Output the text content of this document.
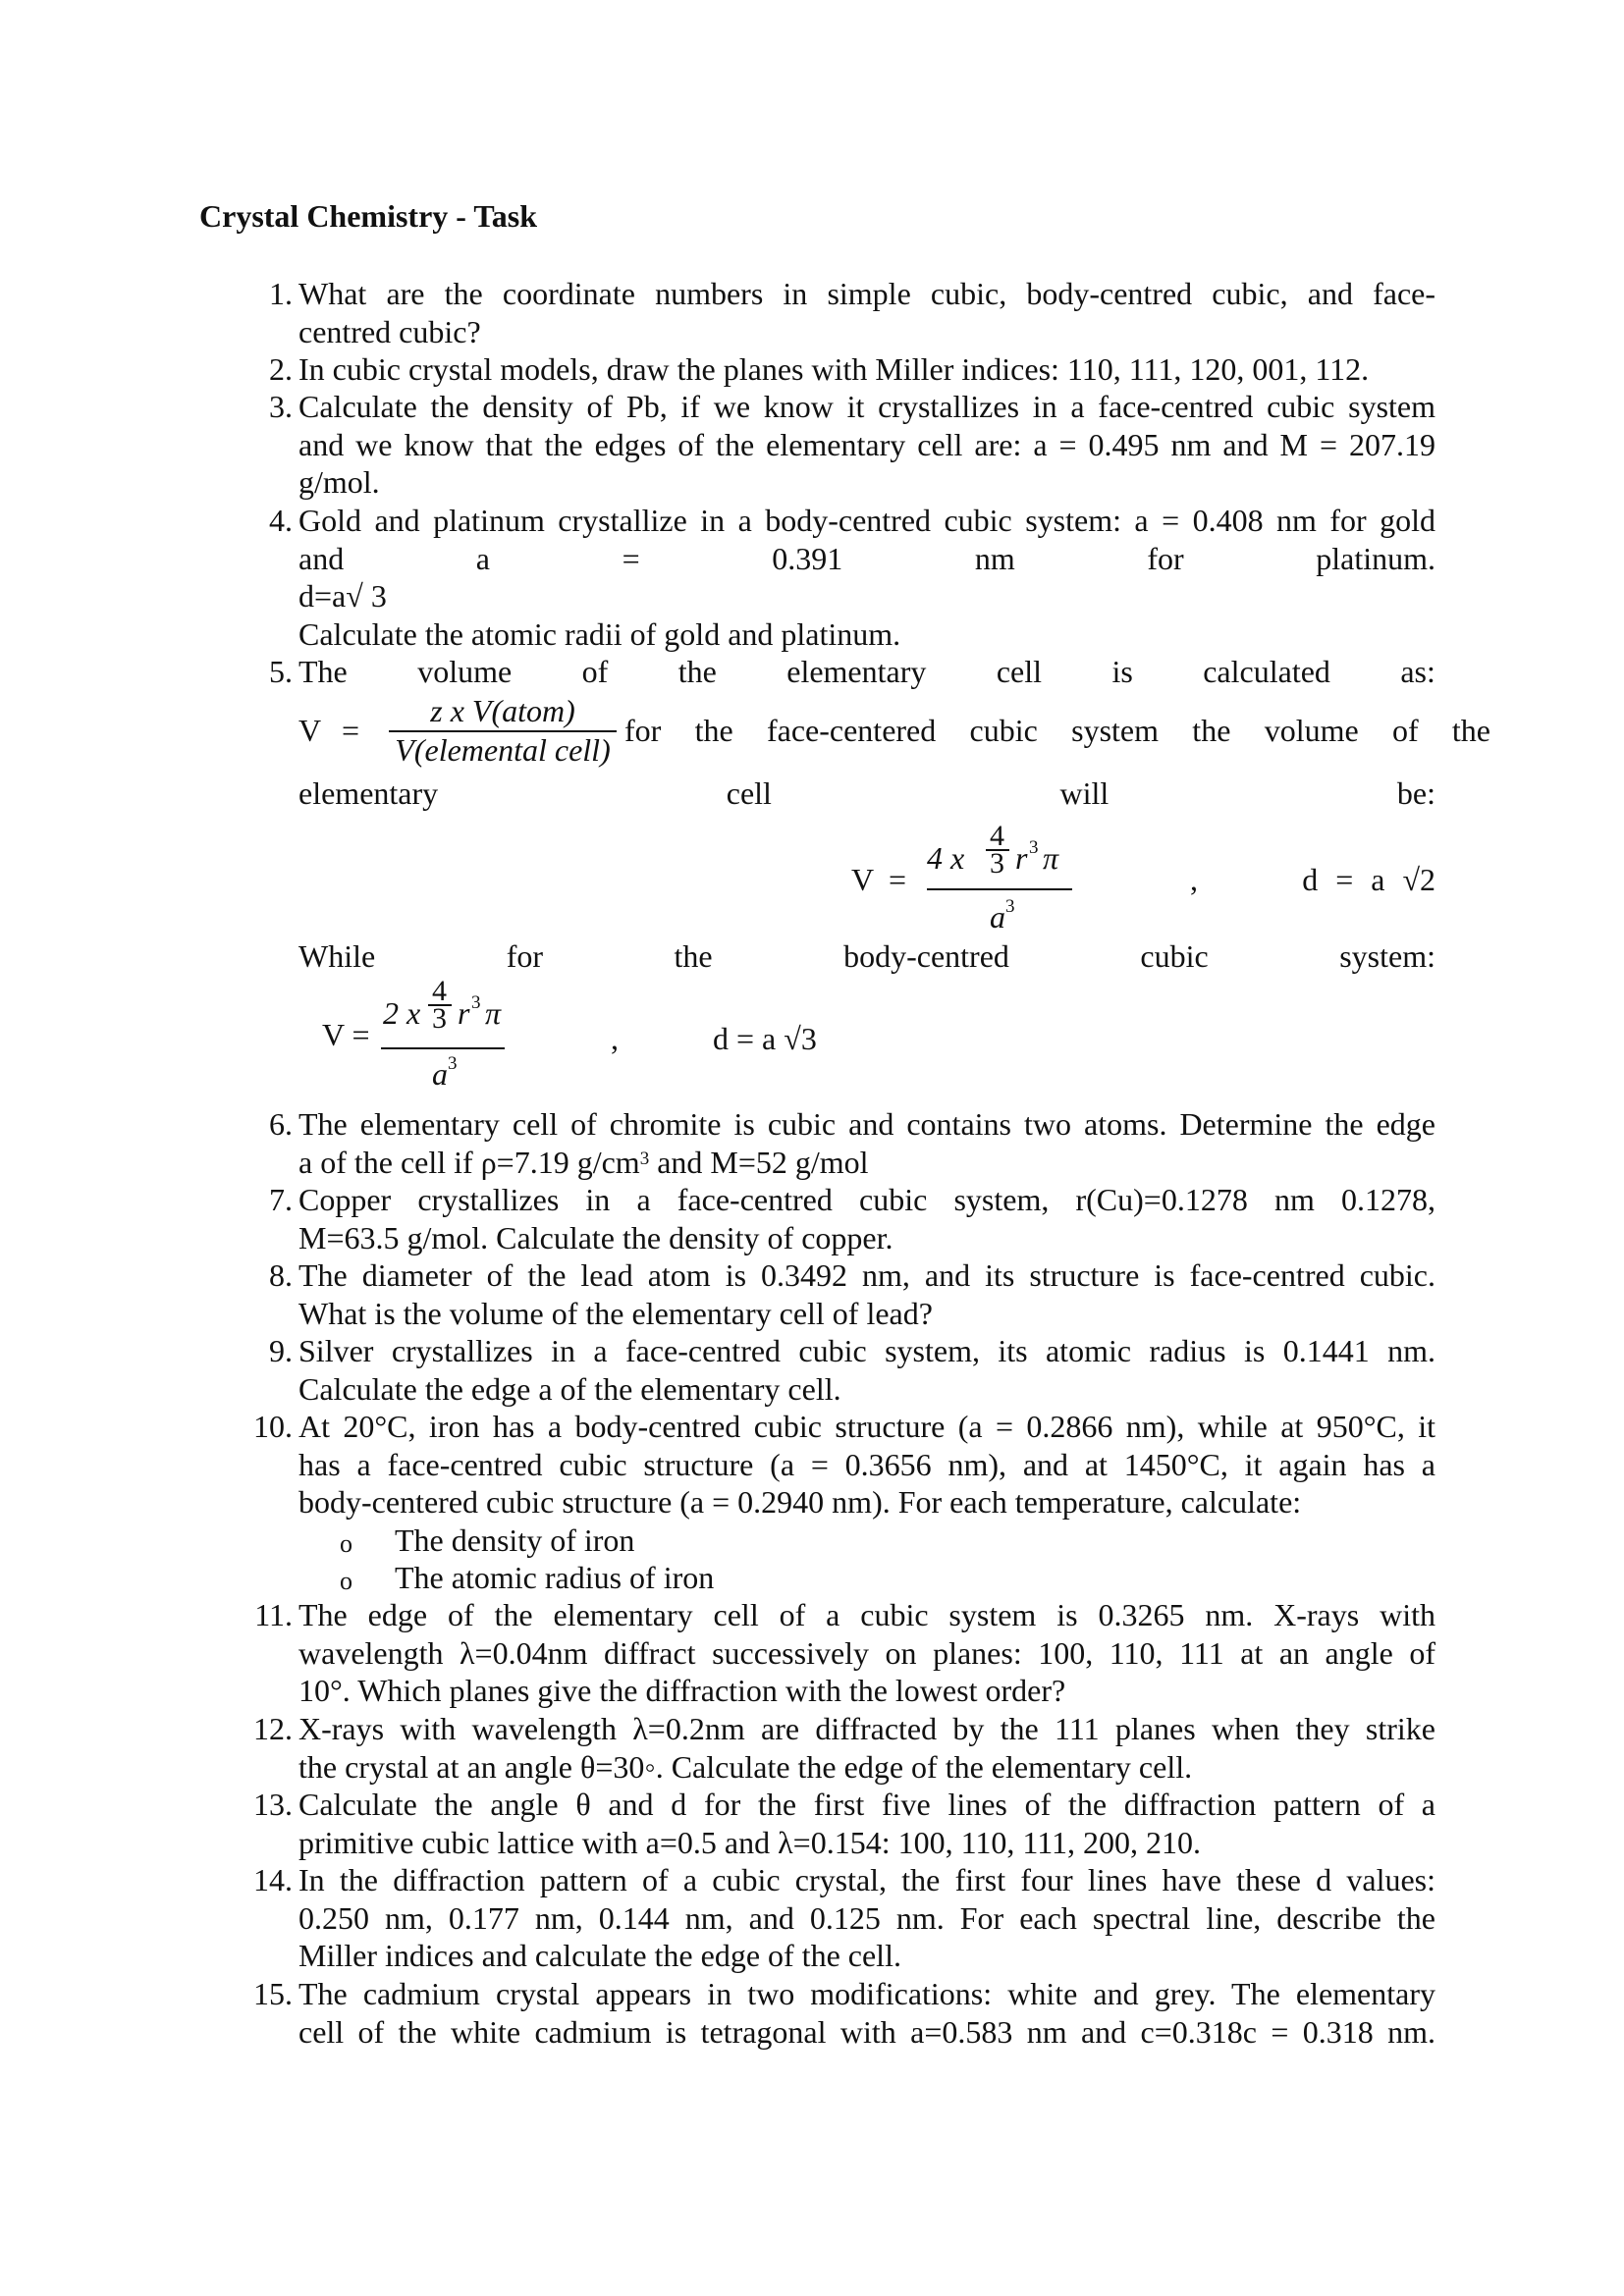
Crystal Chemistry - Task
1. What are the coordinate numbers in simple cubic, body-centred cubic, and face-
centred cubic?
2. In cubic crystal models, draw the planes with Miller indices: 110, 111, 120, 001, 112.
3. Calculate the density of Pb, if we know it crystallizes in a face-centred cubic system
and we know that the edges of the elementary cell are: a = 0.495 nm and M = 207.19
g/mol.
4. Gold and platinum crystallize in a body-centred cubic system: a = 0.408 nm for gold
and	a	=	0.391	nm	for	platinum.
d=a√ 3
Calculate the atomic radii of gold and platinum.
5. The volume of the elementary cell is calculated as:
V =
z x V(atom)
V(elemental cell)
for the face-centered cubic system the volume of the
elementary	cell	will	be:
V =
4 x
4
3 r 3 π
a 3
,	d = a √2
While	for	the	body-centred	cubic	system:
V =
2 x
4
3 r 3 π
a 3
,	d = a √3
6. The elementary cell of chromite is cubic and contains two atoms. Determine the edge
a of the cell if ρ=7.19 $g/cm^3$ and M=52 g/mol
7. Copper crystallizes in a face-centred cubic system, r(Cu)=0.1278 nm 0.1278,
M=63.5 g/mol. Calculate the density of copper.
8. The diameter of the lead atom is 0.3492 nm, and its structure is face-centred cubic.
What is the volume of the elementary cell of lead?
9. Silver crystallizes in a face-centred cubic system, its atomic radius is 0.1441 nm.
Calculate the edge a of the elementary cell.
10. At 20°C, iron has a body-centred cubic structure (a = 0.2866 nm), while at 950°C, it
has a face-centred cubic structure (a = 0.3656 nm), and at 1450°C, it again has a
body-centered cubic structure (a = 0.2940 nm). For each temperature, calculate:
o The density of iron
o The atomic radius of iron
11. The edge of the elementary cell of a cubic system is 0.3265 nm. X-rays with
wavelength λ=0.04nm diffract successively on planes: 100, 110, 111 at an angle of
10°. Which planes give the diffraction with the lowest order?
12. X-rays with wavelength λ=0.2nm are diffracted by the 111 planes when they strike
the crystal at an angle θ=30◦. Calculate the edge of the elementary cell.
13. Calculate the angle θ and d for the first five lines of the diffraction pattern of a
primitive cubic lattice with a=0.5 and λ=0.154: 100, 110, 111, 200, 210.
14. In the diffraction pattern of a cubic crystal, the first four lines have these d values:
0.250 nm, 0.177 nm, 0.144 nm, and 0.125 nm. For each spectral line, describe the
Miller indices and calculate the edge of the cell.
15. The cadmium crystal appears in two modifications: white and grey. The elementary
cell of the white cadmium is tetragonal with a=0.583 nm and c=0.318c = 0.318 nm.
